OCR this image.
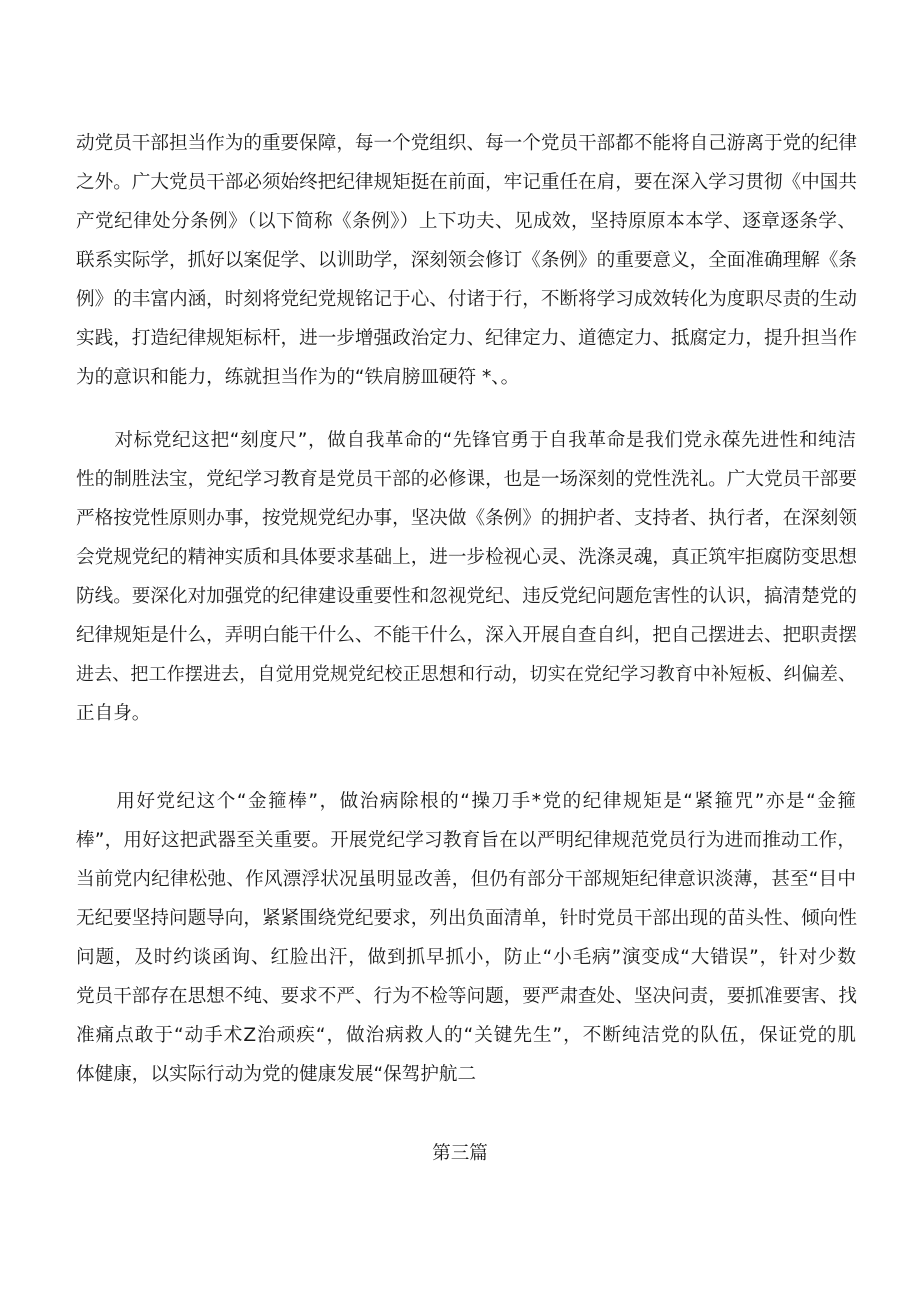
动党员干部担当作为的重要保障，每一个党组织、每一个党员干部都不能将自己游离于党的纪律
之外。广大党员干部必须始终把纪律规矩挺在前面，牢记重任在肩，要在深入学习贯彻《中国共
产党纪律处分条例》（以下简称《条例》）上下功夫、见成效，坚持原原本本学、逐章逐条学、
联系实际学，抓好以案促学、以训助学，深刻领会修订《条例》的重要意义，全面准确理解《条
例》的丰富内涵，时刻将党纪党规铭记于心、付诸于行，不断将学习成效转化为度职尽责的生动
实践，打造纪律规矩标杆，进一步增强政治定力、纪律定力、道德定力、抵腐定力，提升担当作
为的意识和能力，练就担当作为的“铁肩膀皿硬符 *、。
　　对标党纪这把“刻度尺”，做自我革命的“先锋官勇于自我革命是我们党永葆先进性和纯洁
性的制胜法宝，党纪学习教育是党员干部的必修课，也是一场深刻的党性洗礼。广大党员干部要
严格按党性原则办事，按党规党纪办事，坚决做《条例》的拥护者、支持者、执行者，在深刻领
会党规党纪的精神实质和具体要求基础上，进一步检视心灵、洗涤灵魂，真正筑牢拒腐防变思想
防线。要深化对加强党的纪律建设重要性和忽视党纪、违反党纪问题危害性的认识，搞清楚党的
纪律规矩是什么，弄明白能干什么、不能干什么，深入开展自查自纠，把自己摆进去、把职责摆
进去、把工作摆进去，自觉用党规党纪校正思想和行动，切实在党纪学习教育中补短板、纠偏差、
正自身。
　　用好党纪这个“金箍棒”，做治病除根的“操刀手*党的纪律规矩是“紧箍咒”亦是“金箍
棒”，用好这把武器至关重要。开展党纪学习教育旨在以严明纪律规范党员行为进而推动工作，
当前党内纪律松弛、作风漂浮状况虽明显改善，但仍有部分干部规矩纪律意识淡薄，甚至“目中
无纪要坚持问题导向，紧紧围绕党纪要求，列出负面清单，针时党员干部出现的苗头性、倾向性
问题，及时约谈函询、红脸出汗，做到抓早抓小，防止“小毛病”演变成“大错误”，针对少数
党员干部存在思想不纯、要求不严、行为不检等问题，要严肃查处、坚决问责，要抓准要害、找
准痛点敢于“动手术Z治顽疾“，做治病救人的“关键先生”，不断纯洁党的队伍，保证党的肌
体健康，以实际行动为党的健康发展“保驾护航二
第三篇
